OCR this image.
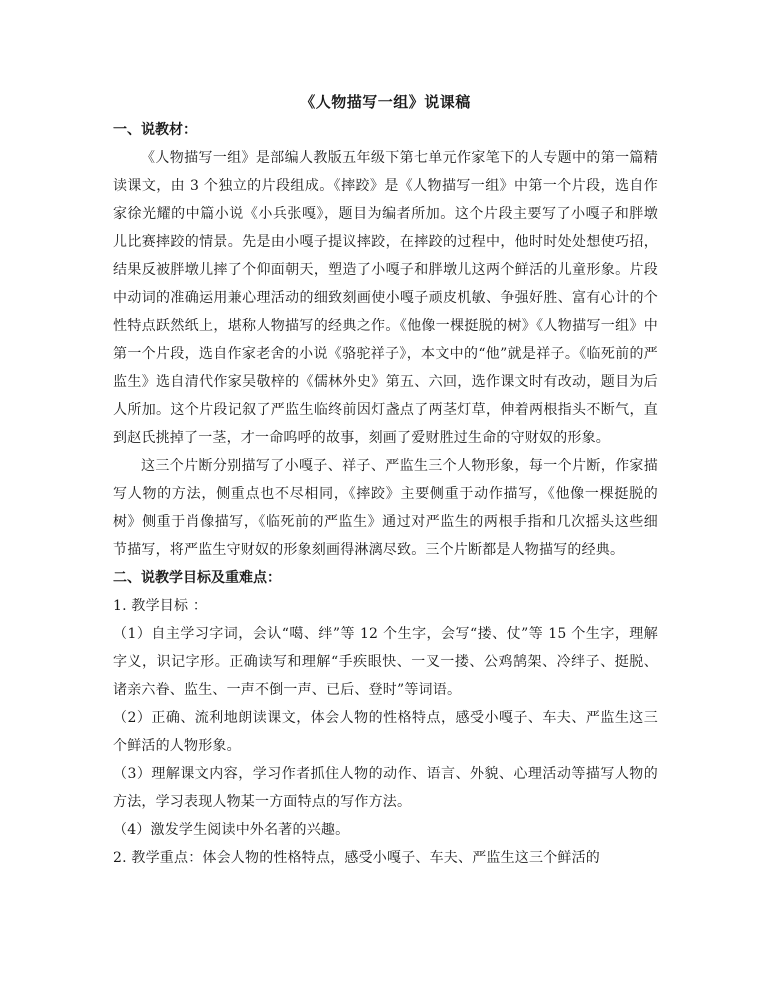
《人物描写一组》说课稿

一、说教材：

《人物描写一组》是部编人教版五年级下第七单元作家笔下的人专题中的第一篇精读课文，由 3 个独立的片段组成。《摔跤》是《人物描写一组》中第一个片段，选自作家徐光耀的中篇小说《小兵张嘎》，题目为编者所加。这个片段主要写了小嘎子和胖墩儿比赛摔跤的情景。先是由小嘎子提议摔跤，在摔跤的过程中，他时时处处想使巧招，结果反被胖墩儿摔了个仰面朝天，塑造了小嘎子和胖墩儿这两个鲜活的儿童形象。片段中动词的准确运用兼心理活动的细致刻画使小嘎子顽皮机敏、争强好胜、富有心计的个性特点跃然纸上，堪称人物描写的经典之作。《他像一棵挺脱的树》《人物描写一组》中第一个片段，选自作家老舍的小说《骆驼祥子》，本文中的“他”就是祥子。《临死前的严监生》选自清代作家吴敬梓的《儒林外史》第五、六回，选作课文时有改动，题目为后人所加。这个片段记叙了严监生临终前因灯盏点了两茎灯草，伸着两根指头不断气，直到赵氏挑掉了一茎，才一命呜呼的故事，刻画了爱财胜过生命的守财奴的形象。

这三个片断分别描写了小嘎子、祥子、严监生三个人物形象，每一个片断，作家描写人物的方法，侧重点也不尽相同，《摔跤》主要侧重于动作描写，《他像一棵挺脱的树》侧重于肖像描写，《临死前的严监生》通过对严监生的两根手指和几次摇头这些细节描写，将严监生守财奴的形象刻画得淋漓尽致。三个片断都是人物描写的经典。

二、说教学目标及重难点：

1. 教学目标 ：

（1）自主学习字词，会认“噶、绊”等 12 个生字，会写“搂、仗”等 15 个生字，理解字义，识记字形。正确读写和理解“手疾眼快、一叉一搂、公鸡鹄架、冷绊子、挺脱、诸亲六眷、监生、一声不倒一声、已后、登时”等词语。

（2）正确、流利地朗读课文，体会人物的性格特点，感受小嘎子、车夫、严监生这三个鲜活的人物形象。

（3）理解课文内容，学习作者抓住人物的动作、语言、外貌、心理活动等描写人物的方法，学习表现人物某一方面特点的写作方法。

（4）激发学生阅读中外名著的兴趣。

2. 教学重点：体会人物的性格特点，感受小嘎子、车夫、严监生这三个鲜活的
